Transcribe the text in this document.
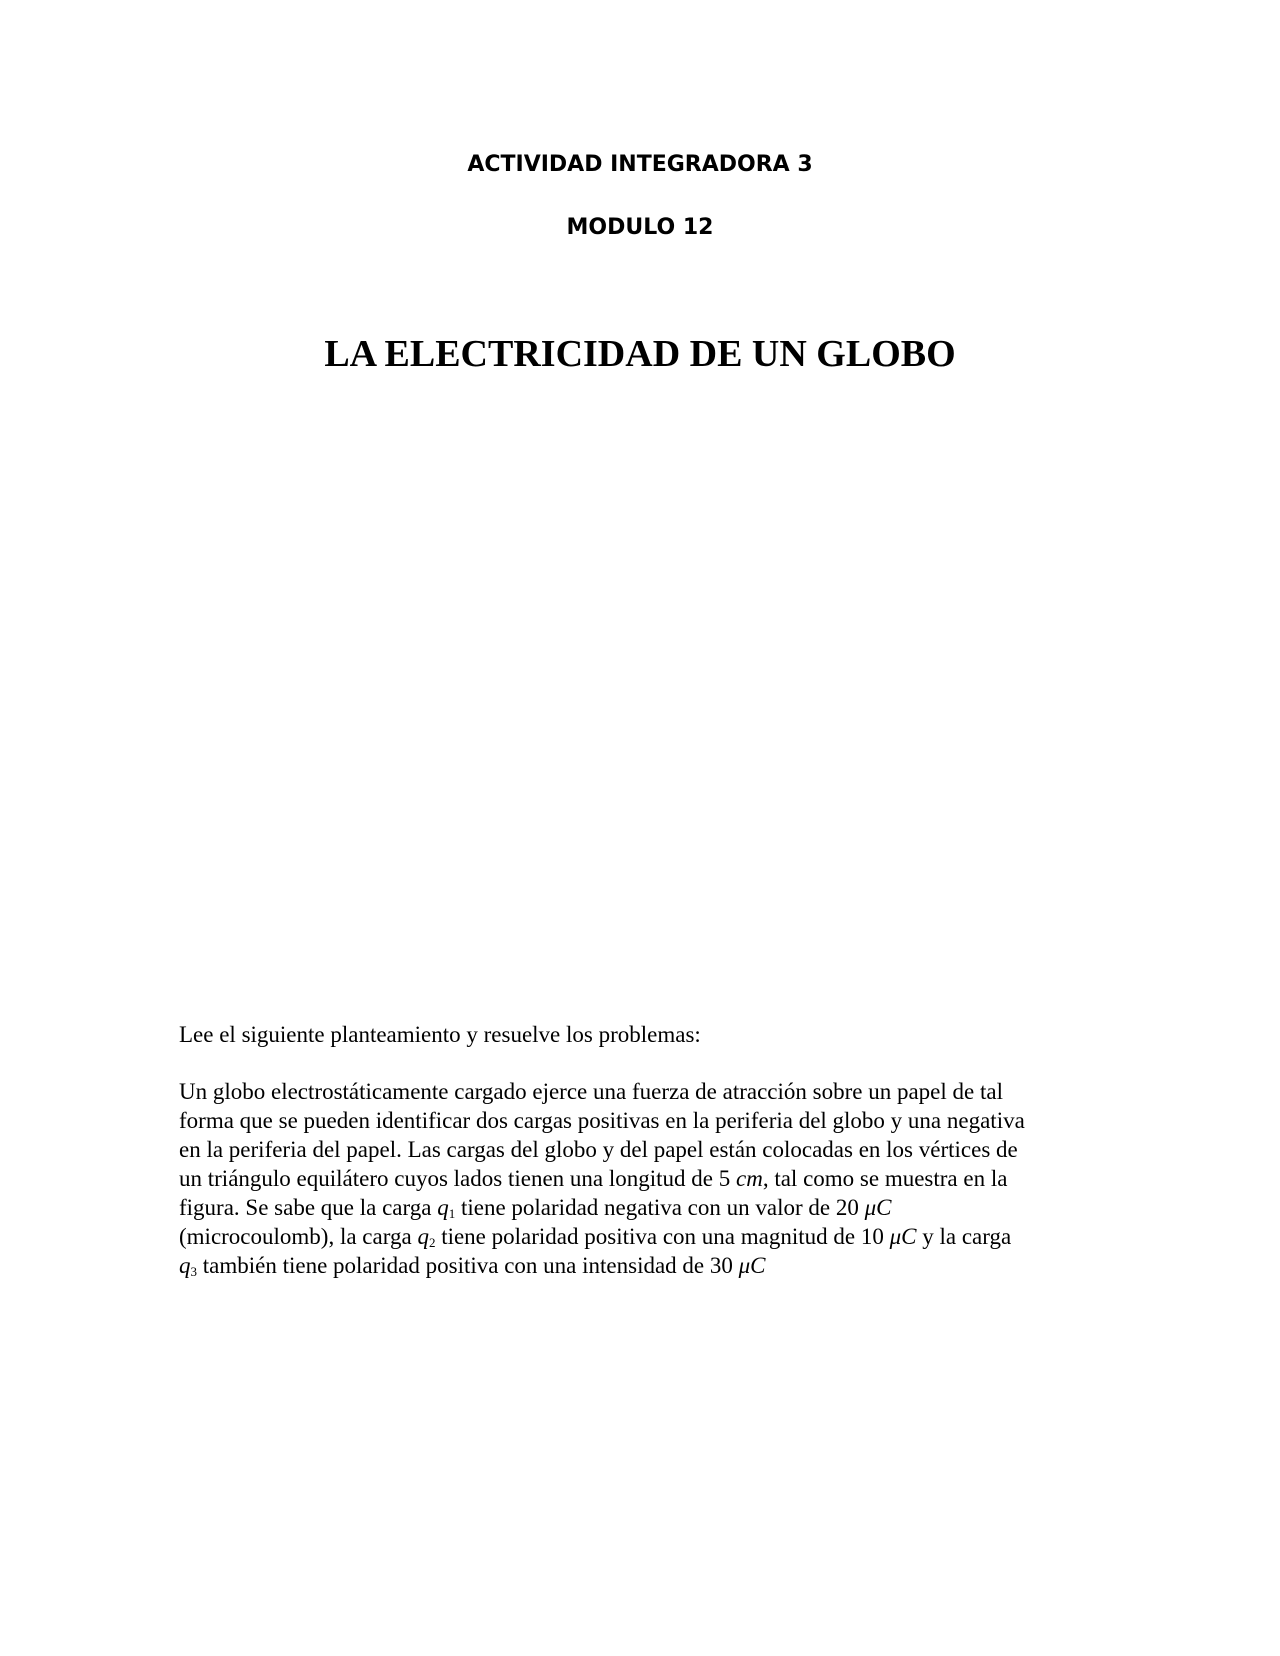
ACTIVIDAD INTEGRADORA 3
MODULO 12
LA ELECTRICIDAD DE UN GLOBO
Lee el siguiente planteamiento y resuelve los problemas:
Un globo electrostáticamente cargado ejerce una fuerza de atracción sobre un papel de tal
forma que se pueden identificar dos cargas positivas en la periferia del globo y una negativa
en la periferia del papel. Las cargas del globo y del papel están colocadas en los vértices de
un triángulo equilátero cuyos lados tienen una longitud de 5 cm, tal como se muestra en la
figura. Se sabe que la carga $q_1$ tiene polaridad negativa con un valor de 20 μC
(microcoulomb), la carga $q_2$ tiene polaridad positiva con una magnitud de 10 μC y la carga
$q_3$ también tiene polaridad positiva con una intensidad de 30 μC
